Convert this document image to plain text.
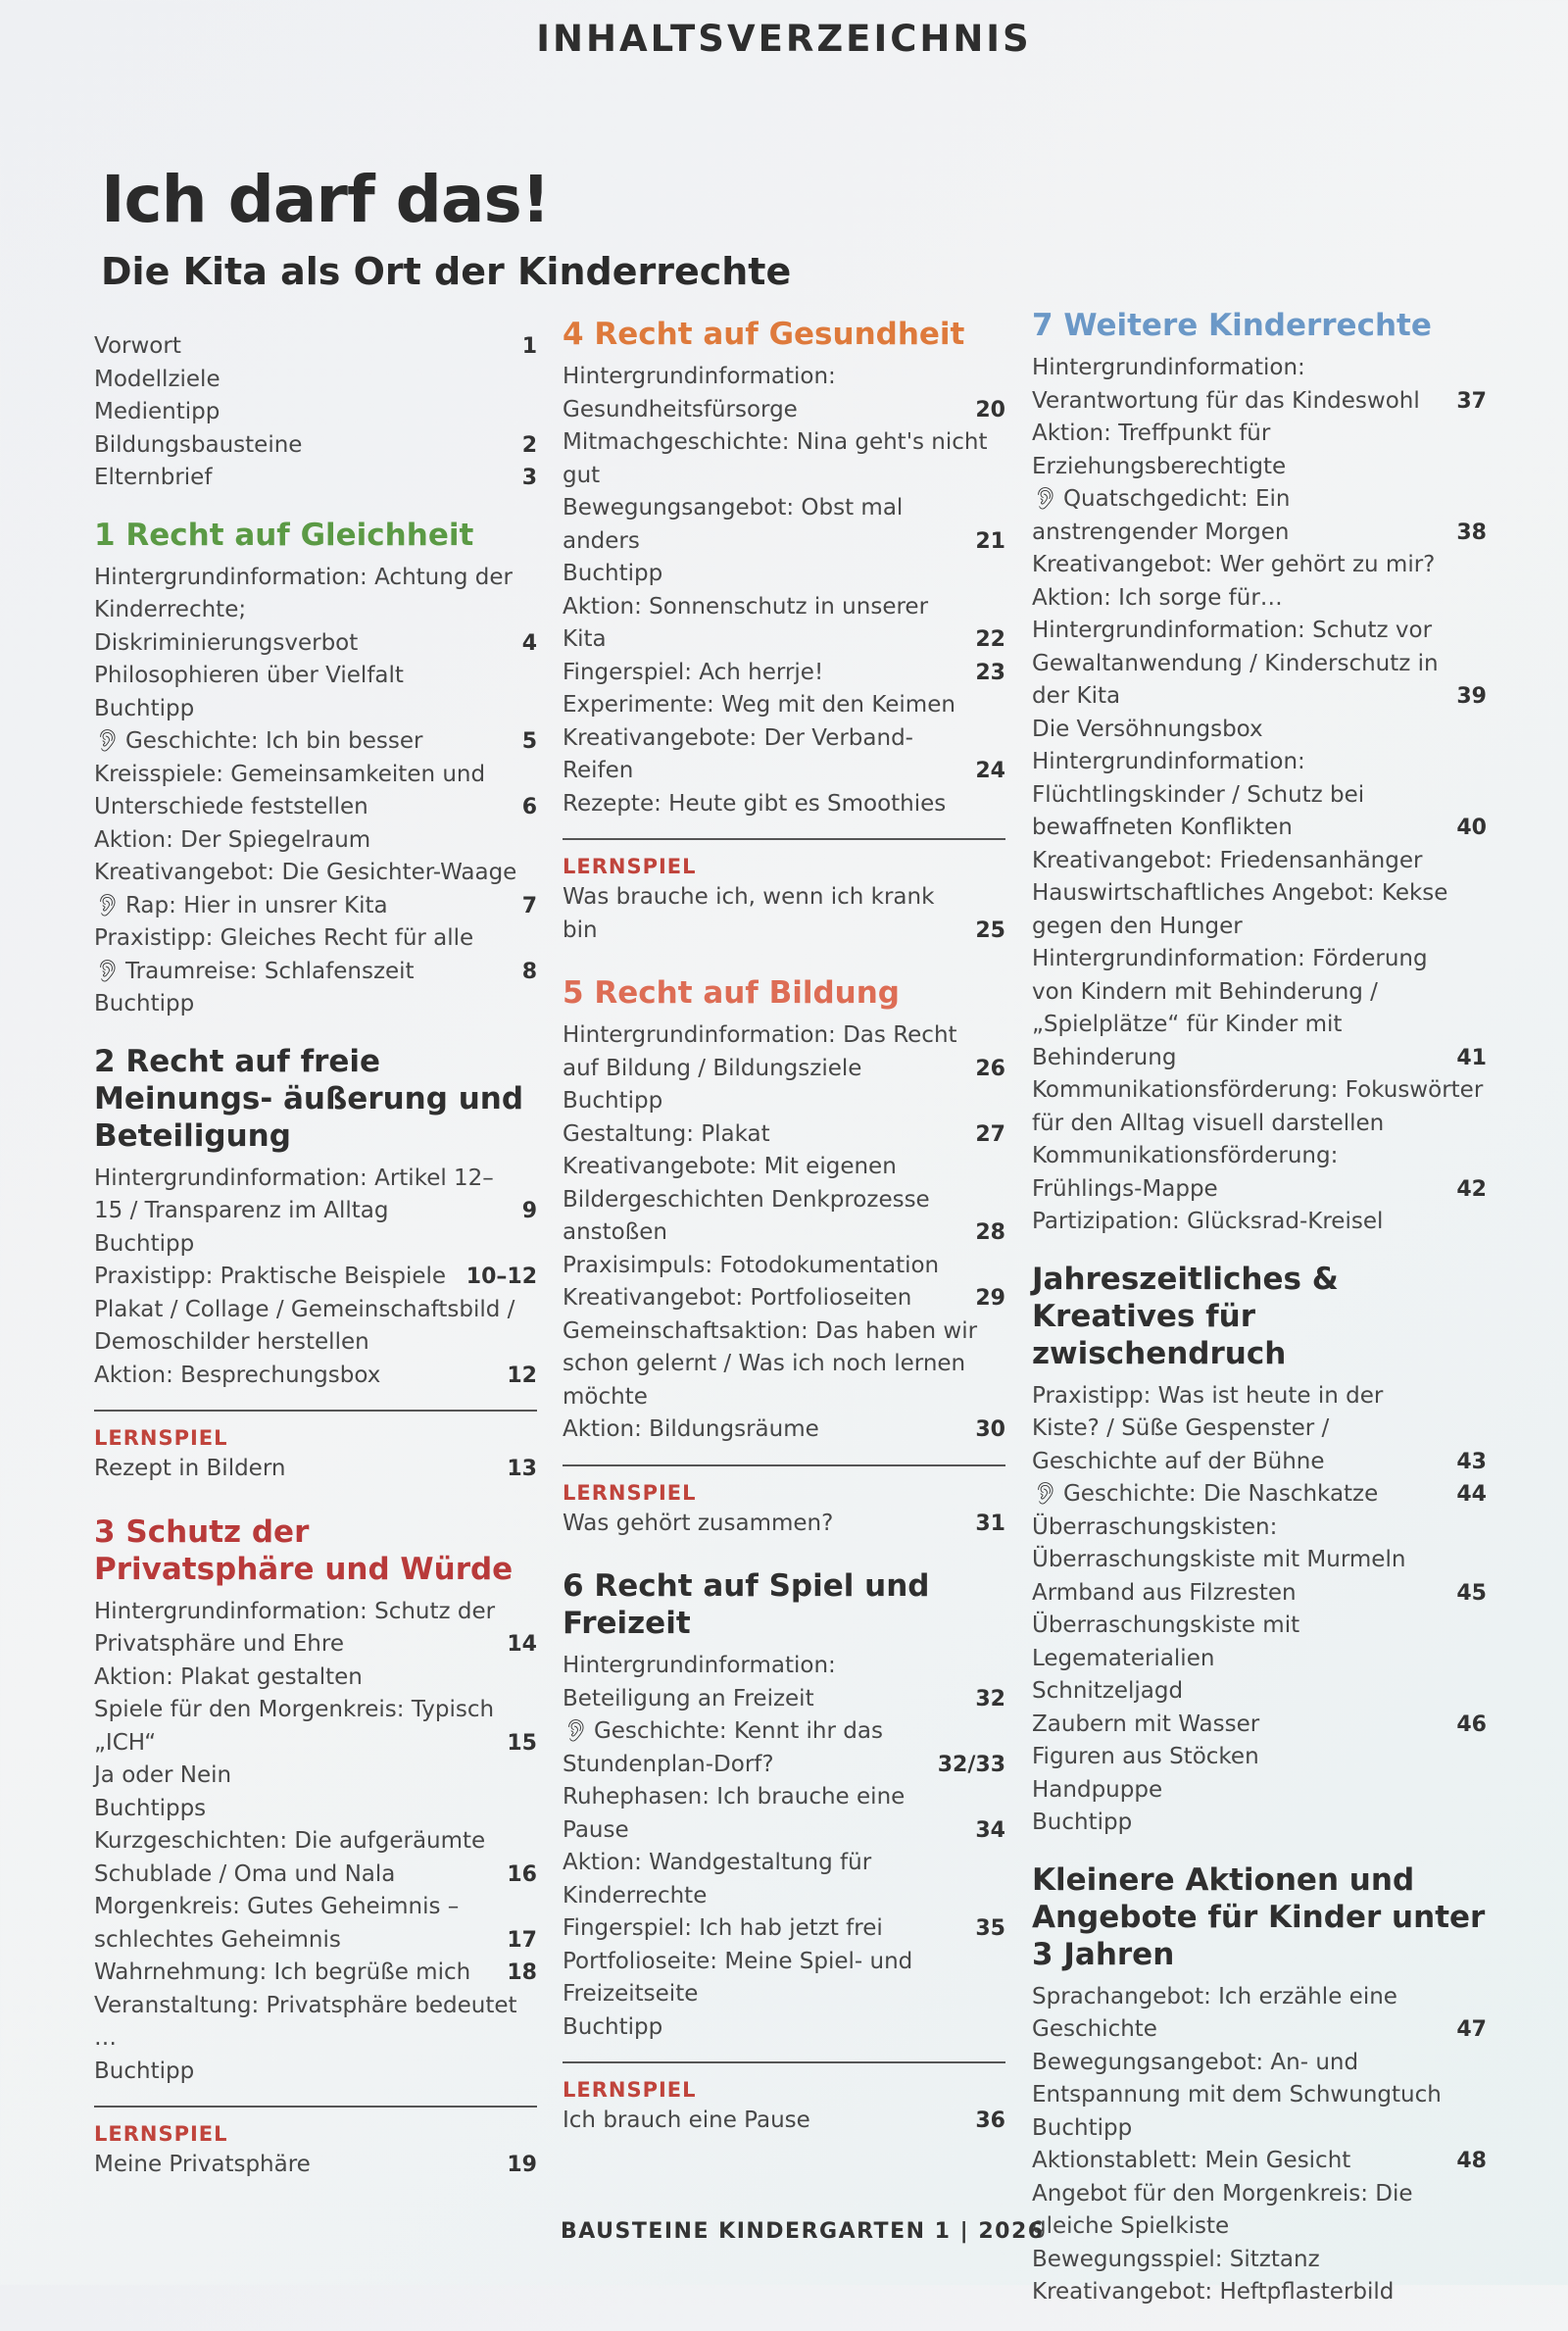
INHALTSVERZEICHNIS
Ich darf das!
Die Kita als Ort der Kinderrechte
Vorwort	1
Modellziele
Medientipp
Bildungsbausteine	2
Elternbrief	3
1 Recht auf Gleichheit
Hintergrundinformation: Achtung der Kinderrechte; Diskriminierungsverbot	4
Philosophieren über Vielfalt
Buchtipp
👂︎ Geschichte: Ich bin besser	5
Kreisspiele: Gemeinsamkeiten und Unterschiede feststellen	6
Aktion: Der Spiegelraum
Kreativangebot: Die Gesichter-Waage
👂︎ Rap: Hier in unsrer Kita	7
Praxistipp: Gleiches Recht für alle
👂︎ Traumreise: Schlafenszeit	8
Buchtipp
2 Recht auf freie Meinungs- äußerung und Beteiligung
Hintergrundinformation: Artikel 12–15 / Transparenz im Alltag	9
Buchtipp
Praxistipp: Praktische Beispiele 10–12
Plakat / Collage / Gemeinschaftsbild / Demoschilder herstellen
Aktion: Besprechungsbox	12
LERNSPIEL
Rezept in Bildern	13
3 Schutz der Privatsphäre und Würde
Hintergrundinformation: Schutz der Privatsphäre und Ehre	14
Aktion: Plakat gestalten
Spiele für den Morgenkreis: Typisch „ICH“	15
Ja oder Nein
Buchtipps
Kurzgeschichten: Die aufgeräumte Schublade / Oma und Nala	16
Morgenkreis: Gutes Geheimnis – schlechtes Geheimnis	17
Wahrnehmung: Ich begrüße mich	18
Veranstaltung: Privatsphäre bedeutet …
Buchtipp
LERNSPIEL
Meine Privatsphäre	19
4 Recht auf Gesundheit
Hintergrundinformation: Gesundheitsfürsorge	20
Mitmachgeschichte: Nina geht's nicht gut
Bewegungsangebot: Obst mal anders	21
Buchtipp
Aktion: Sonnenschutz in unserer Kita	22
Fingerspiel: Ach herrje!	23
Experimente: Weg mit den Keimen
Kreativangebote: Der Verband-Reifen	24
Rezepte: Heute gibt es Smoothies
LERNSPIEL
Was brauche ich, wenn ich krank bin	25
5 Recht auf Bildung
Hintergrundinformation: Das Recht auf Bildung / Bildungsziele	26
Buchtipp
Gestaltung: Plakat	27
Kreativangebote: Mit eigenen Bildergeschichten Denkprozesse anstoßen	28
Praxisimpuls: Fotodokumentation
Kreativangebot: Portfolioseiten	29
Gemeinschaftsaktion: Das haben wir schon gelernt / Was ich noch lernen möchte
Aktion: Bildungsräume	30
LERNSPIEL
Was gehört zusammen?	31
6 Recht auf Spiel und Freizeit
Hintergrundinformation: Beteiligung an Freizeit	32
👂︎ Geschichte: Kennt ihr das Stundenplan-Dorf?	32/33
Ruhephasen: Ich brauche eine Pause	34
Aktion: Wandgestaltung für Kinderrechte
Fingerspiel: Ich hab jetzt frei	35
Portfolioseite: Meine Spiel- und Freizeitseite
Buchtipp
LERNSPIEL
Ich brauch eine Pause	36
7 Weitere Kinderrechte
Hintergrundinformation: Verantwortung für das Kindeswohl	37
Aktion: Treffpunkt für Erziehungsberechtigte
👂︎ Quatschgedicht: Ein anstrengender Morgen	38
Kreativangebot: Wer gehört zu mir?
Aktion: Ich sorge für…
Hintergrundinformation: Schutz vor Gewaltanwendung / Kinderschutz in der Kita	39
Die Versöhnungsbox
Hintergrundinformation: Flüchtlingskinder / Schutz bei bewaffneten Konflikten	40
Kreativangebot: Friedensanhänger
Hauswirtschaftliches Angebot: Kekse gegen den Hunger
Hintergrundinformation: Förderung von Kindern mit Behinderung / „Spielplätze“ für Kinder mit Behinderung	41
Kommunikationsförderung: Fokuswörter für den Alltag visuell darstellen
Kommunikationsförderung: Frühlings-Mappe	42
Partizipation: Glücksrad-Kreisel
Jahreszeitliches & Kreatives für zwischendruch
Praxistipp: Was ist heute in der Kiste? / Süße Gespenster / Geschichte auf der Bühne	43
👂︎ Geschichte: Die Naschkatze	44
Überraschungskisten: Überraschungskiste mit Murmeln
Armband aus Filzresten	45
Überraschungskiste mit Legematerialien
Schnitzeljagd
Zaubern mit Wasser	46
Figuren aus Stöcken
Handpuppe
Buchtipp
Kleinere Aktionen und Angebote für Kinder unter 3 Jahren
Sprachangebot: Ich erzähle eine Geschichte	47
Bewegungsangebot: An- und Entspannung mit dem Schwungtuch
Buchtipp
Aktionstablett: Mein Gesicht	48
Angebot für den Morgenkreis: Die gleiche Spielkiste
Bewegungsspiel: Sitztanz
Kreativangebot: Heftpflasterbild
BAUSTEINE KINDERGARTEN 1 | 2026
